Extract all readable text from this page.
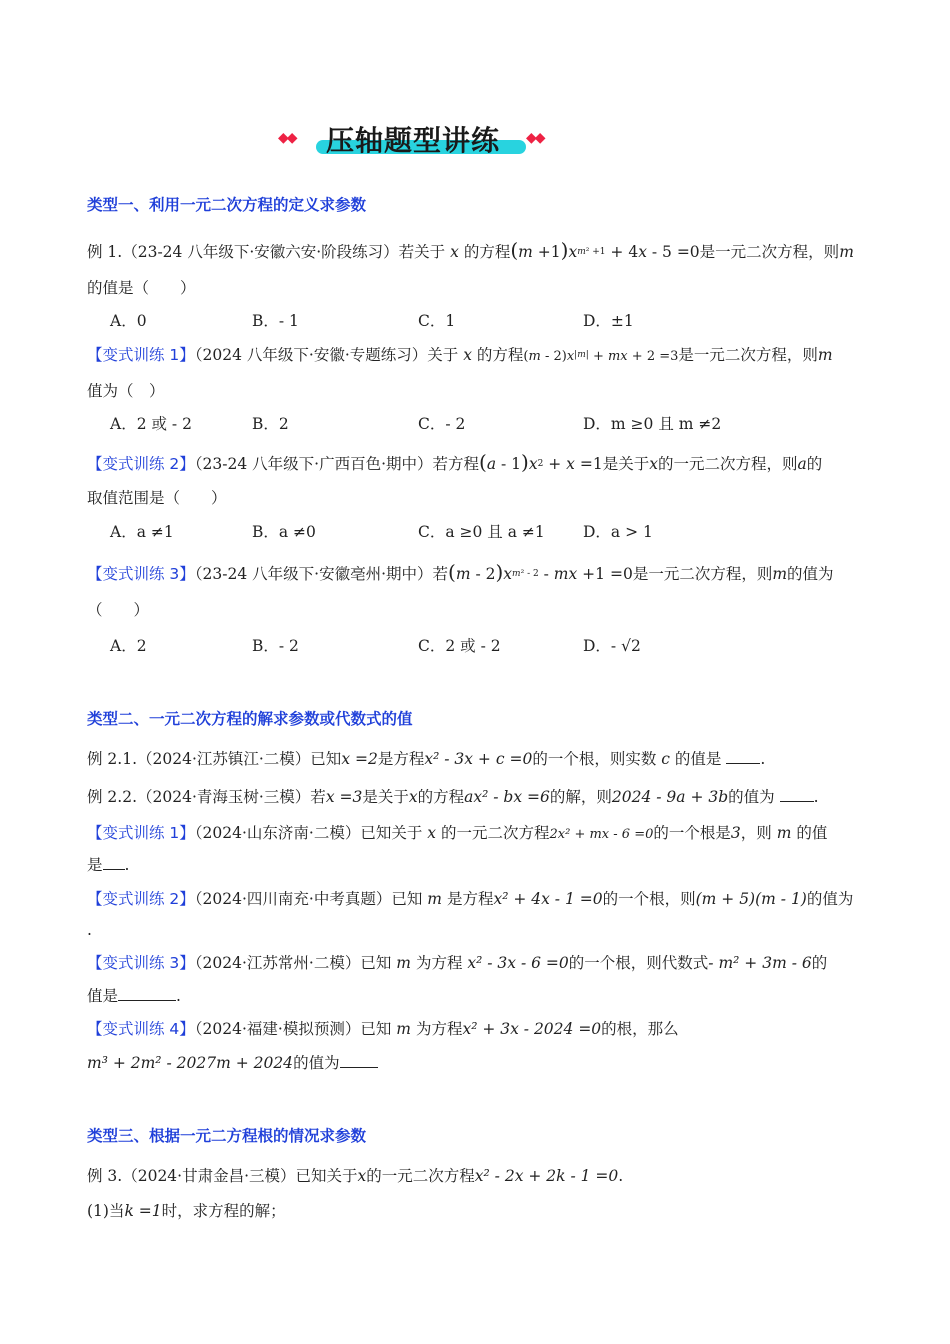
◆◆ 压轴题型讲练 ◆◆
类型一、利用一元二次方程的定义求参数
例 1.（23-24 八年级下·安徽六安·阶段练习）若关于 x 的方程$(m +1)x^{m^2 +1} + 4x - 5 =0$是一元二次方程，则m
的值是（　　）
A．0	B．- 1	C．1	D．±1
【变式训练 1】（2024 八年级下·安徽·专题练习）关于 x 的方程$(m - 2)x^{|m|}$ + mx + 2 =3是一元二次方程，则m
值为（　）
A．2 或 - 2	B．2	C．- 2	D．m ≥0 且 m ≠2
【变式训练 2】（23-24 八年级下·广西百色·期中）若方程$(a - 1)x^2 + x =1$是关于x的一元二次方程，则a的
取值范围是（　　）
A．a ≠1	B．a ≠0	C．a ≥0 且 a ≠1 D．a > 1
【变式训练 3】（23-24 八年级下·安徽亳州·期中）若$(m - 2)x^{m^2 - 2}$ - mx +1 =0是一元二次方程，则m的值为
（　　）
A．2	B．- 2	C．2 或 - 2	D．- √2
类型二、一元二次方程的解求参数或代数式的值
例 2.1.（2024·江苏镇江·二模）已知x =2是方程x² - 3x + c =0的一个根，则实数 c 的值是	.
例 2.2.（2024·青海玉树·三模）若x =3是关于x的方程ax² - bx =6的解，则2024 - 9a + 3b的值为	.
【变式训练 1】（2024·山东济南·二模）已知关于 x 的一元二次方程2x² + mx - 6 =0的一个根是3，则 m 的值
是 .
【变式训练 2】（2024·四川南充·中考真题）已知 m 是方程x² + 4x - 1 =0的一个根，则(m + 5)(m - 1)的值为
.
【变式训练 3】（2024·江苏常州·二模）已知 m 为方程 x² - 3x - 6 =0的一个根，则代数式- m² + 3m - 6的
值是	.
【变式训练 4】（2024·福建·模拟预测）已知 m 为方程x² + 3x - 2024 =0的根，那么
m³ + 2m² - 2027m + 2024的值为
类型三、根据一元二方程根的情况求参数
例 3.（2024·甘肃金昌·三模）已知关于x的一元二次方程x² - 2x + 2k - 1 =0.
(1)当k =1时，求方程的解；
